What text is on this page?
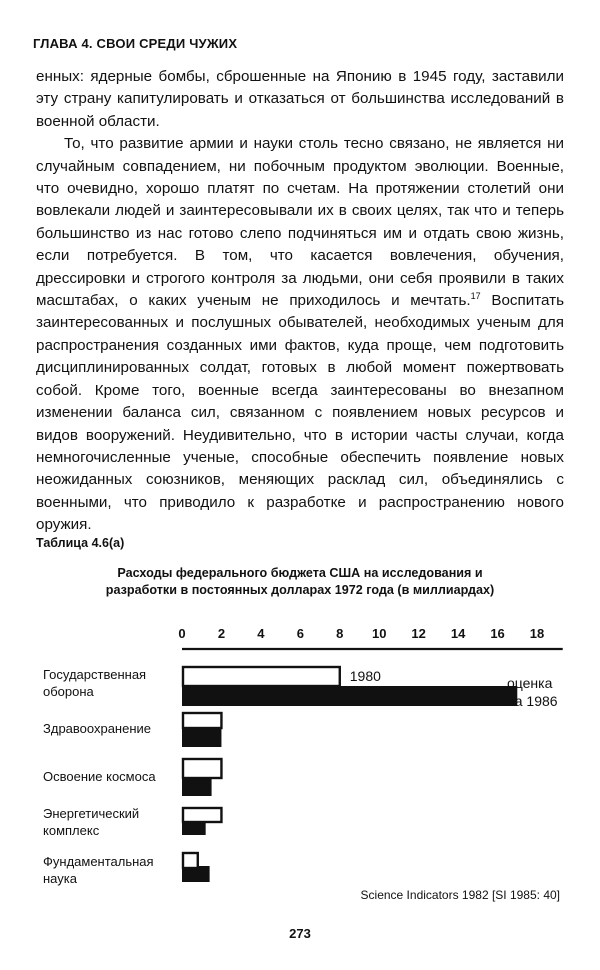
ГЛАВА 4. СВОИ СРЕДИ ЧУЖИХ

енных: ядерные бомбы, сброшенные на Японию в 1945 году, заставили эту страну капитулировать и отказаться от большинства исследований в военной области.

То, что развитие армии и науки столь тесно связано, не является ни случайным совпадением, ни побочным продуктом эволюции. Военные, что очевидно, хорошо платят по счетам. На протяжении столетий они вовлекали людей и заинтересовывали их в своих целях, так что и теперь большинство из нас готово слепо подчиняться им и отдать свою жизнь, если потребуется. В том, что касается вовлечения, обучения, дрессировки и строгого контроля за людьми, они себя проявили в таких масштабах, о каких ученым не приходилось и мечтать.$^{17}$ Воспитать заинтересованных и послушных обывателей, необходимых ученым для распространения созданных ими фактов, куда проще, чем подготовить дисциплинированных солдат, готовых в любой момент пожертвовать собой. Кроме того, военные всегда заинтересованы во внезапном изменении баланса сил, связанном с появлением новых ресурсов и видов вооружений. Неудивительно, что в истории часты случаи, когда немногочисленные ученые, способные обеспечить появление новых неожиданных союзников, меняющих расклад сил, объединялись с военными, что приводило к разработке и распространению нового оружия.

Таблица 4.6(а)
Расходы федерального бюджета США на исследования и
разработки в постоянных долларах 1972 года (в миллиардах)
0 2 4 6 8 10 12 14 16 18
Государственная
оборона
Здравоохранение
Освоение космоса
Энергетический
комплекс
Фундаментальная
наука
1980	оценка
на 1986
Science Indicators 1982 [SI 1985: 40]
273
